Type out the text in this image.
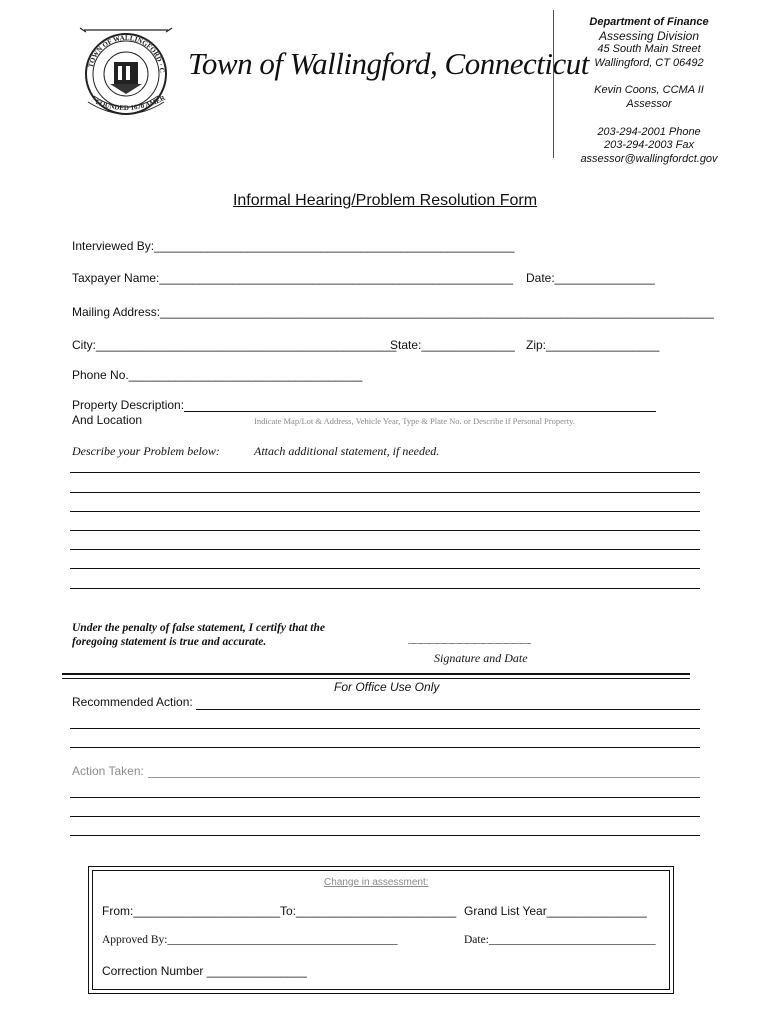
TOWN OF WALLINGFORD · C
FOUNDED 1670 AMER
Town of Wallingford, Connecticut
Department of Finance
Assessing Division
45 South Main Street
Wallingford, CT 06492
Kevin Coons, CCMA II
Assessor
203-294-2001 Phone
203-294-2003 Fax
assessor@wallingfordct.gov
Informal Hearing/Problem Resolution Form
Interviewed By:______________________________________________________
Taxpayer Name:_____________________________________________________ Date:_______________
Mailing Address:___________________________________________________________________________________
City:_____________________________________________
State:______________ Zip:_________________
Phone No.___________________________________
Property Description:
And Location	Indicate Map/Lot & Address, Vehicle Year, Type & Plate No. or Describe if Personal Property.
Describe your Problem below:	Attach additional statement, if needed.
Under the penalty of false statement, I certify that the
foregoing statement is true and accurate.	...........................................................................................................
Signature and Date
For Office Use Only
Recommended Action:
Action Taken:
Change in assessment:
From:______________________ To:________________________ Grand List Year_______________
Approved By:________________________________________	Date:_____________________________
Correction Number _______________
